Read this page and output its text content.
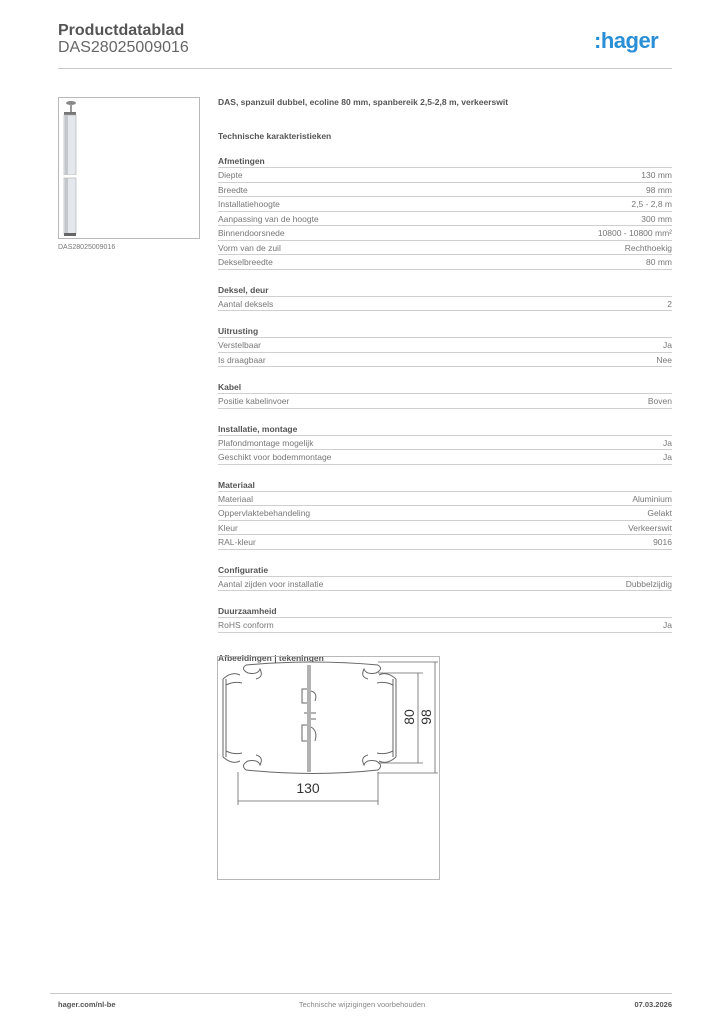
Productdatablad
DAS28025009016	:hager
DAS28025009016
DAS, spanzuil dubbel, ecoline 80 mm, spanbereik 2,5-2,8 m, verkeerswit
Technische karakteristieken
Afmetingen
Diepte	130 mm
Breedte	98 mm
Installatiehoogte	2,5 - 2,8 m
Aanpassing van de hoogte	300 mm
Binnendoorsnede	10800 - 10800 mm²
Vorm van de zuil	Rechthoekig
Dekselbreedte	80 mm
Deksel, deur
Aantal deksels	2
Uitrusting
Verstelbaar	Ja
Is draagbaar	Nee
Kabel
Positie kabelinvoer	Boven
Installatie, montage
Plafondmontage mogelijk	Ja
Geschikt voor bodemmontage	Ja
Materiaal
Materiaal	Aluminium
Oppervlaktebehandeling	Gelakt
Kleur	Verkeerswit
RAL-kleur	9016
Configuratie
Aantal zijden voor installatie	Dubbelzijdig
Duurzaamheid
RoHS conform	Ja
Afbeeldingen | tekeningen
130
80 98
hager.com/nl-be	Technische wijzigingen voorbehouden	07.03.2026
